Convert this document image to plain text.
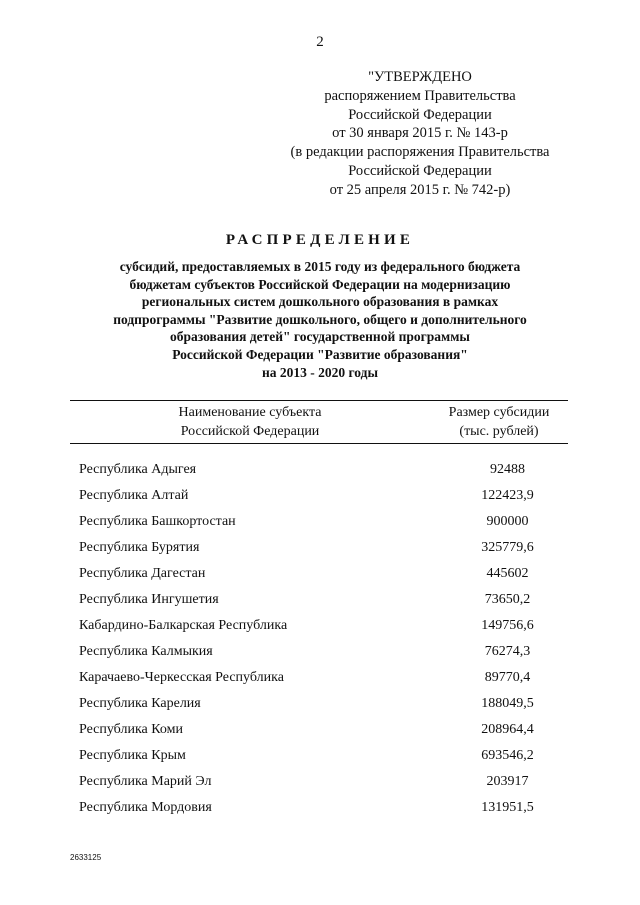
2
"УТВЕРЖДЕНО
распоряжением Правительства
Российской Федерации
от 30 января 2015 г. № 143-р
(в редакции распоряжения Правительства
Российской Федерации
от 25 апреля 2015 г. № 742-р)
РАСПРЕДЕЛЕНИЕ
субсидий, предоставляемых в 2015 году из федерального бюджета
бюджетам субъектов Российской Федерации на модернизацию
региональных систем дошкольного образования в рамках
подпрограммы "Развитие дошкольного, общего и дополнительного
образования детей" государственной программы
Российской Федерации "Развитие образования"
на 2013 - 2020 годы
Наименование субъекта
Российской Федерации
Размер субсидии
(тыс. рублей)
Республика Адыгея	92488
Республика Алтай	122423,9
Республика Башкортостан	900000
Республика Бурятия	325779,6
Республика Дагестан	445602
Республика Ингушетия	73650,2
Кабардино-Балкарская Республика	149756,6
Республика Калмыкия	76274,3
Карачаево-Черкесская Республика	89770,4
Республика Карелия	188049,5
Республика Коми	208964,4
Республика Крым	693546,2
Республика Марий Эл	203917
Республика Мордовия	131951,5
2633125
